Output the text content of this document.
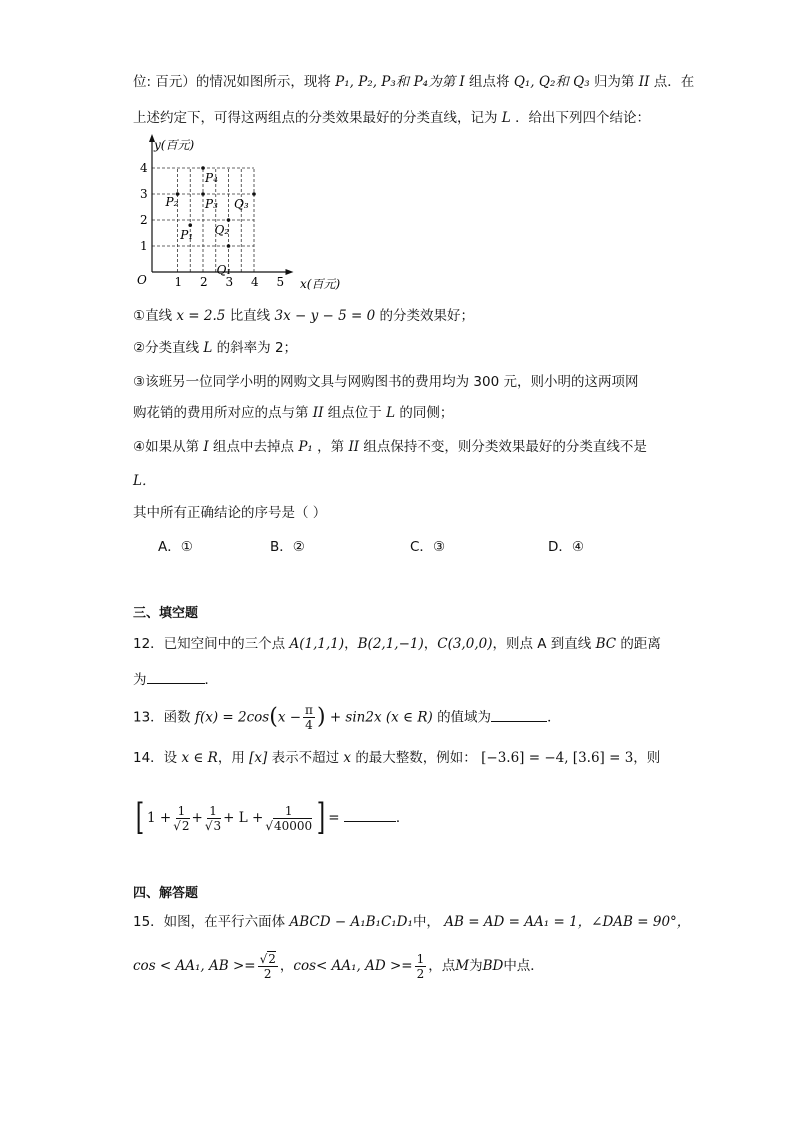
位: 百元）的情况如图所示，现将 P₁, P₂, P₃和 P₄为第 I 组点将 Q₁, Q₂和 Q₃ 归为第 II 点．在
上述约定下，可得这两组点的分类效果最好的分类直线，记为 L ．给出下列四个结论：
1 2 3 4 5
1
2
3
4
P₁
P₂ P₃
P₄
Q₁
Q₂
Q₃
y(百元)
x(百元)
O
①直线 x = 2.5 比直线 3x − y − 5 = 0 的分类效果好；
②分类直线 L 的斜率为 2；
③该班另一位同学小明的网购文具与网购图书的费用均为 300 元，则小明的这两项网
购花销的费用所对应的点与第 II 组点位于 L 的同侧；
④如果从第 I 组点中去掉点 P₁ ，第 II 组点保持不变，则分类效果最好的分类直线不是
L．
其中所有正确结论的序号是（ ）
A．①	B．②	C．③	D．④
三、填空题
12．已知空间中的三个点 A(1,1,1)，B(2,1,−1)，C(3,0,0)，则点 A 到直线 BC 的距离
为	．
13．函数 $f(x) = 2\cos(x - \frac{\pi}{4}$ ) + sin2x (x ∈ R) 的值域为	．
14．设 x ∈ R，用 [x] 表示不超过 x 的最大整数，例如： [−3.6] = −4, [3.6] = 3，则
[ $1 + \frac{1}{√2} + \frac{1}{√3} + L + \frac{1}{√40000}$ ] =	．
四、解答题
15．如图，在平行六面体 ABCD − A₁B₁C₁D₁中， AB = AD = AA₁ = 1，∠DAB = 90°，
cos < AA₁, AB >= $\frac{√2}{2}$ ，cos< AA₁, AD >= $\frac{1}{2}$ ，点M为BD中点．
